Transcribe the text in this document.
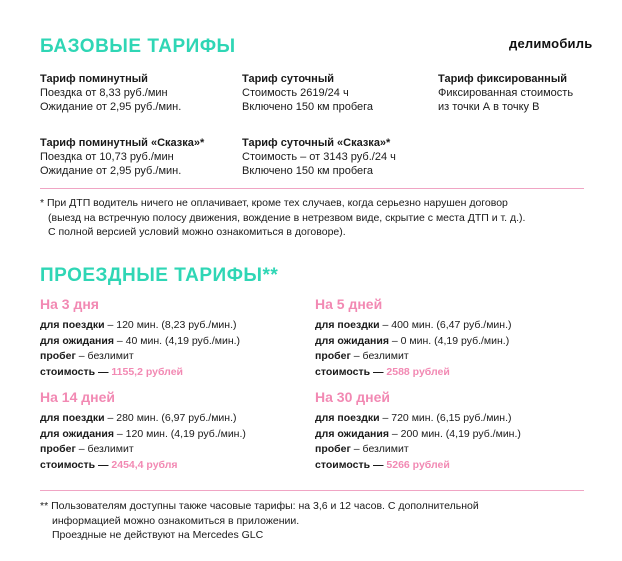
БАЗОВЫЕ ТАРИФЫ	делимобиль
Тариф поминутный
Поездка от 8,33 руб./мин
Ожидание от 2,95 руб./мин.
Тариф суточный
Стоимость 2619/24 ч
Включено 150 км пробега
Тариф фиксированный
Фиксированная стоимость
из точки А в точку В
Тариф поминутный «Сказка»*
Поездка от 10,73 руб./мин
Ожидание от 2,95 руб./мин.
Тариф суточный «Сказка»*
Стоимость – от 3143 руб./24 ч
Включено 150 км пробега
* При ДТП водитель ничего не оплачивает, кроме тех случаев, когда серьезно нарушен договор
(выезд на встречную полосу движения, вождение в нетрезвом виде, скрытие с места ДТП и т. д.).
С полной версией условий можно ознакомиться в договоре).
ПРОЕЗДНЫЕ ТАРИФЫ**
На 3 дня
для поездки – 120 мин. (8,23 руб./мин.)
для ожидания – 40 мин. (4,19 руб./мин.)
пробег – безлимит
стоимость — 1155,2 рублей
На 5 дней
для поездки – 400 мин. (6,47 руб./мин.)
для ожидания – 0 мин. (4,19 руб./мин.)
пробег – безлимит
стоимость — 2588 рублей
На 14 дней
для поездки – 280 мин. (6,97 руб./мин.)
для ожидания – 120 мин. (4,19 руб./мин.)
пробег – безлимит
стоимость — 2454,4 рубля
На 30 дней
для поездки – 720 мин. (6,15 руб./мин.)
для ожидания – 200 мин. (4,19 руб./мин.)
пробег – безлимит
стоимость — 5266 рублей
** Пользователям доступны также часовые тарифы: на 3,6 и 12 часов. С дополнительной
информацией можно ознакомиться в приложении.
Проездные не действуют на Mercedes GLC
